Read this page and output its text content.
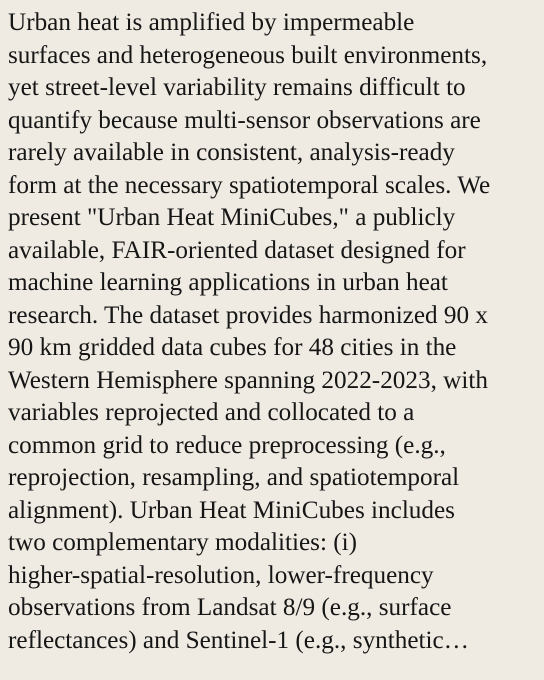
Urban heat is amplified by impermeable
surfaces and heterogeneous built environments,
yet street-level variability remains difficult to
quantify because multi-sensor observations are
rarely available in consistent, analysis-ready
form at the necessary spatiotemporal scales. We
present "Urban Heat MiniCubes," a publicly
available, FAIR-oriented dataset designed for
machine learning applications in urban heat
research. The dataset provides harmonized 90 x
90 km gridded data cubes for 48 cities in the
Western Hemisphere spanning 2022-2023, with
variables reprojected and collocated to a
common grid to reduce preprocessing (e.g.,
reprojection, resampling, and spatiotemporal
alignment). Urban Heat MiniCubes includes
two complementary modalities: (i)
higher-spatial-resolution, lower-frequency
observations from Landsat 8/9 (e.g., surface
reflectances) and Sentinel-1 (e.g., synthetic…
